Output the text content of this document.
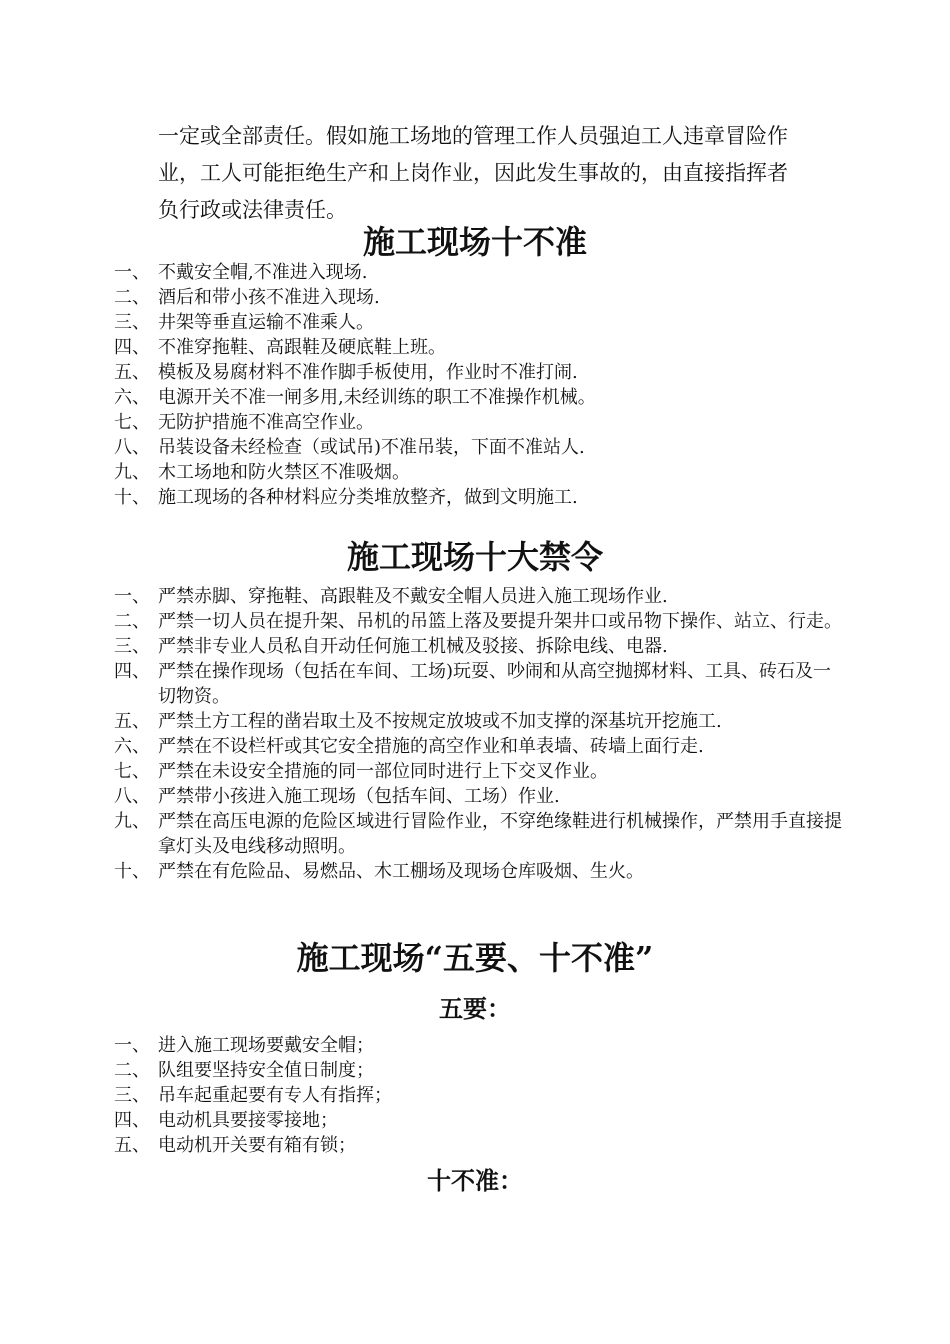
一定或全部责任。假如施工场地的管理工作人员强迫工人违章冒险作

业，工人可能拒绝生产和上岗作业，因此发生事故的，由直接指挥者

负行政或法律责任。

施工现场十不准
一、 不戴安全帽,不准进入现场.
二、 酒后和带小孩不准进入现场.
三、 井架等垂直运输不准乘人。
四、 不准穿拖鞋、高跟鞋及硬底鞋上班。
五、 模板及易腐材料不准作脚手板使用，作业时不准打闹.
六、 电源开关不准一闸多用,未经训练的职工不准操作机械。
七、 无防护措施不准高空作业。
八、 吊装设备未经检查（或试吊)不准吊装，下面不准站人.
九、 木工场地和防火禁区不准吸烟。
十、 施工现场的各种材料应分类堆放整齐，做到文明施工.
施工现场十大禁令
一、 严禁赤脚、穿拖鞋、高跟鞋及不戴安全帽人员进入施工现场作业.
二、 严禁一切人员在提升架、吊机的吊篮上落及要提升架井口或吊物下操作、站立、行走。
三、 严禁非专业人员私自开动任何施工机械及驳接、拆除电线、电器.
四、 严禁在操作现场（包括在车间、工场)玩耍、吵闹和从高空抛掷材料、工具、砖石及一切物资。
五、 严禁土方工程的凿岩取土及不按规定放坡或不加支撑的深基坑开挖施工.
六、 严禁在不设栏杆或其它安全措施的高空作业和单表墙、砖墙上面行走.
七、 严禁在未设安全措施的同一部位同时进行上下交叉作业。
八、 严禁带小孩进入施工现场（包括车间、工场）作业.
九、 严禁在高压电源的危险区域进行冒险作业，不穿绝缘鞋进行机械操作，严禁用手直接提拿灯头及电线移动照明。
十、 严禁在有危险品、易燃品、木工棚场及现场仓库吸烟、生火。
施工现场“五要、十不准”
五要：
一、 进入施工现场要戴安全帽；
二、 队组要坚持安全值日制度；
三、 吊车起重起要有专人有指挥；
四、 电动机具要接零接地；
五、 电动机开关要有箱有锁；
十不准：
